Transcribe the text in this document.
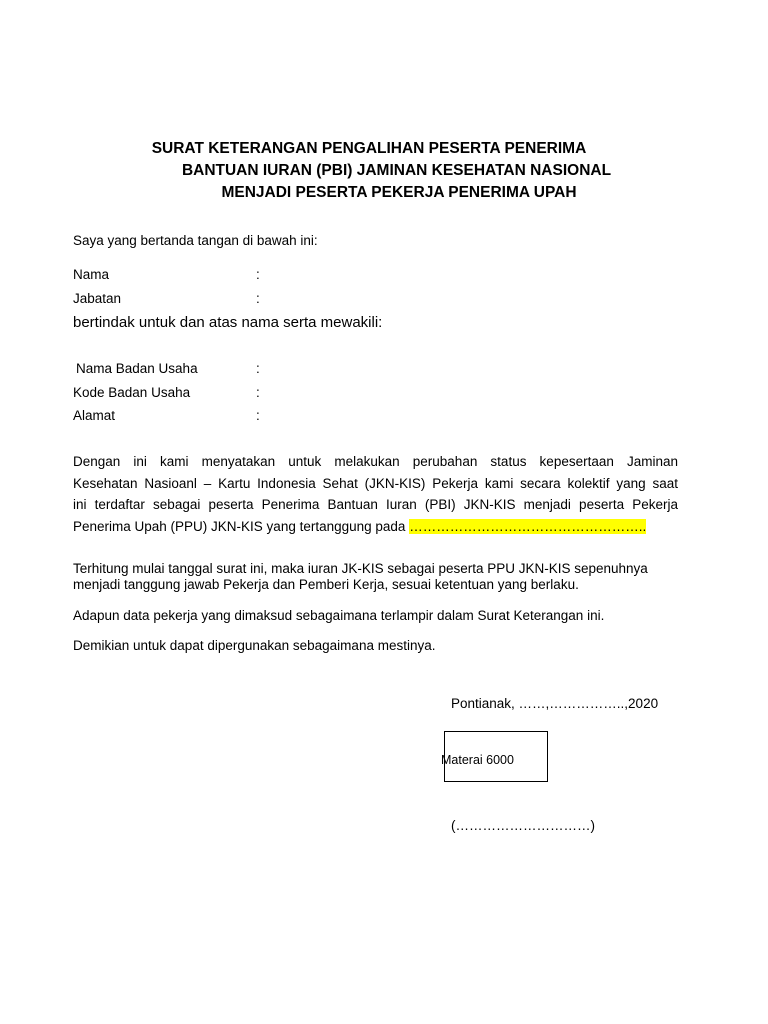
SURAT KETERANGAN PENGALIHAN PESERTA PENERIMA
BANTUAN IURAN (PBI) JAMINAN KESEHATAN NASIONAL
MENJADI PESERTA PEKERJA PENERIMA UPAH
Saya yang bertanda tangan di bawah ini:
Nama	:
Jabatan	:
bertindak untuk dan atas nama serta mewakili:
Nama Badan Usaha	:
Kode Badan Usaha	:
Alamat	:
Dengan ini kami menyatakan untuk melakukan perubahan status kepesertaan Jaminan
Kesehatan Nasioanl – Kartu Indonesia Sehat (JKN-KIS) Pekerja kami secara kolektif yang saat
ini terdaftar sebagai peserta Penerima Bantuan Iuran (PBI) JKN-KIS menjadi peserta Pekerja
Penerima Upah (PPU) JKN-KIS yang tertanggung pada ……………………………………………..
Terhitung mulai tanggal surat ini, maka iuran JK-KIS sebagai peserta PPU JKN-KIS sepenuhnya
menjadi tanggung jawab Pekerja dan Pemberi Kerja, sesuai ketentuan yang berlaku.
Adapun data pekerja yang dimaksud sebagaimana terlampir dalam Surat Keterangan ini.
Demikian untuk dapat dipergunakan sebagaimana mestinya.
Pontianak, ……,……………..,2020
Materai 6000
(…………………………)
